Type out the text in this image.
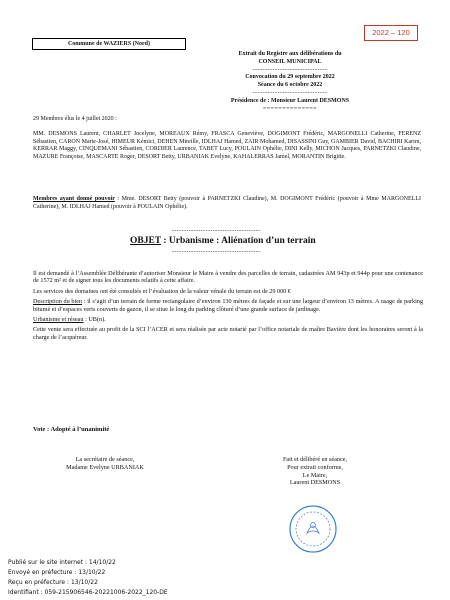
2022 – 120
Commune de WAZIERS (Nord)
Extrait du Registre aux délibérations du
CONSEIL MUNICIPAL
------------------------------
Convocation du 29 septembre 2022
Séance du 6 octobre 2022
------------------------------
Présidence de : Monsieur Laurent DESMONS
==============
29 Membres élus le 4 juillet 2020 :
MM. DESMONS Laurent, CHARLET Jocelyne, MOREAUX Rémy, FRASCA Geneviève, DOGIMONT Frédéric, MARGONELLI Catherine, FERENZ Sébastien, CARON Marie-José, HIMEUR Kémici, DEHEN Mireille, IDLHAJ Hamed, ZAIR Mohamed, DISASSINI Guy, GAMBIER David, BACHIRI Karim, KERRAR Maggy, CINQUEMANI Sébastien, CORDIER Laurence, TABET Lucy, POULAIN Ophélie, DINI Kelly, MICHON Jacques, PARNETZKI Claudine, MAZURE Françoise, MASCARTE Roger, DESORT Betty, URBANIAK Evelyne, KAHALERRAS Jamel, MORANTIN Brigitte.
Membres ayant donné pouvoir : Mme. DESORT Betty (pouvoir à PARNETZKI Claudine), M. DOGIMONT Frédéric (pouvoir à Mme MARGONELLI Catherine), M. IDLHAJ Hamed (pouvoir à POULAIN Ophélie).
-------------------------------------
OBJET : Urbanisme : Aliénation d’un terrain
-------------------------------------

Il est demandé à l’Assemblée Délibérante d’autoriser Monsieur le Maire à vendre des parcelles de terrain, cadastrées AM 943p et 944p pour une contenance de 1572 m² et de signer tous les documents relatifs à cette affaire.

Les services des domaines ont été consultés et l’évaluation de la valeur vénale du terrain est de 29 000 €

Description du bien : il s’agit d’un terrain de forme rectangulaire d’environ 130 mètres de façade et sur une largeur d’environ 13 mètres. A usage de parking bitumé et d’espaces verts couverts de gazon, il se situe le long du parking clôturé d’une grande surface de jardinage.

Urbanisme et réseau : UB(n).

Cette vente sera effectuée au profit de la SCI l’ACER et sera réalisée par acte notarié par l’office notariale de maître Bavière dont les honoraires seront à la charge de l’acquéreur.

Vote : Adopté à l’unanimité
La secrétaire de séance,
Madame Evelyne URBANIAK
Fait et délibéré en séance,
Pour extrait conforme,
Le Maire,
Laurent DESMONS
Publié sur le site internet : 14/10/22
Envoyé en préfecture : 13/10/22
Reçu en préfecture : 13/10/22
Identifiant : 059-215906546-20221006-2022_120-DE
